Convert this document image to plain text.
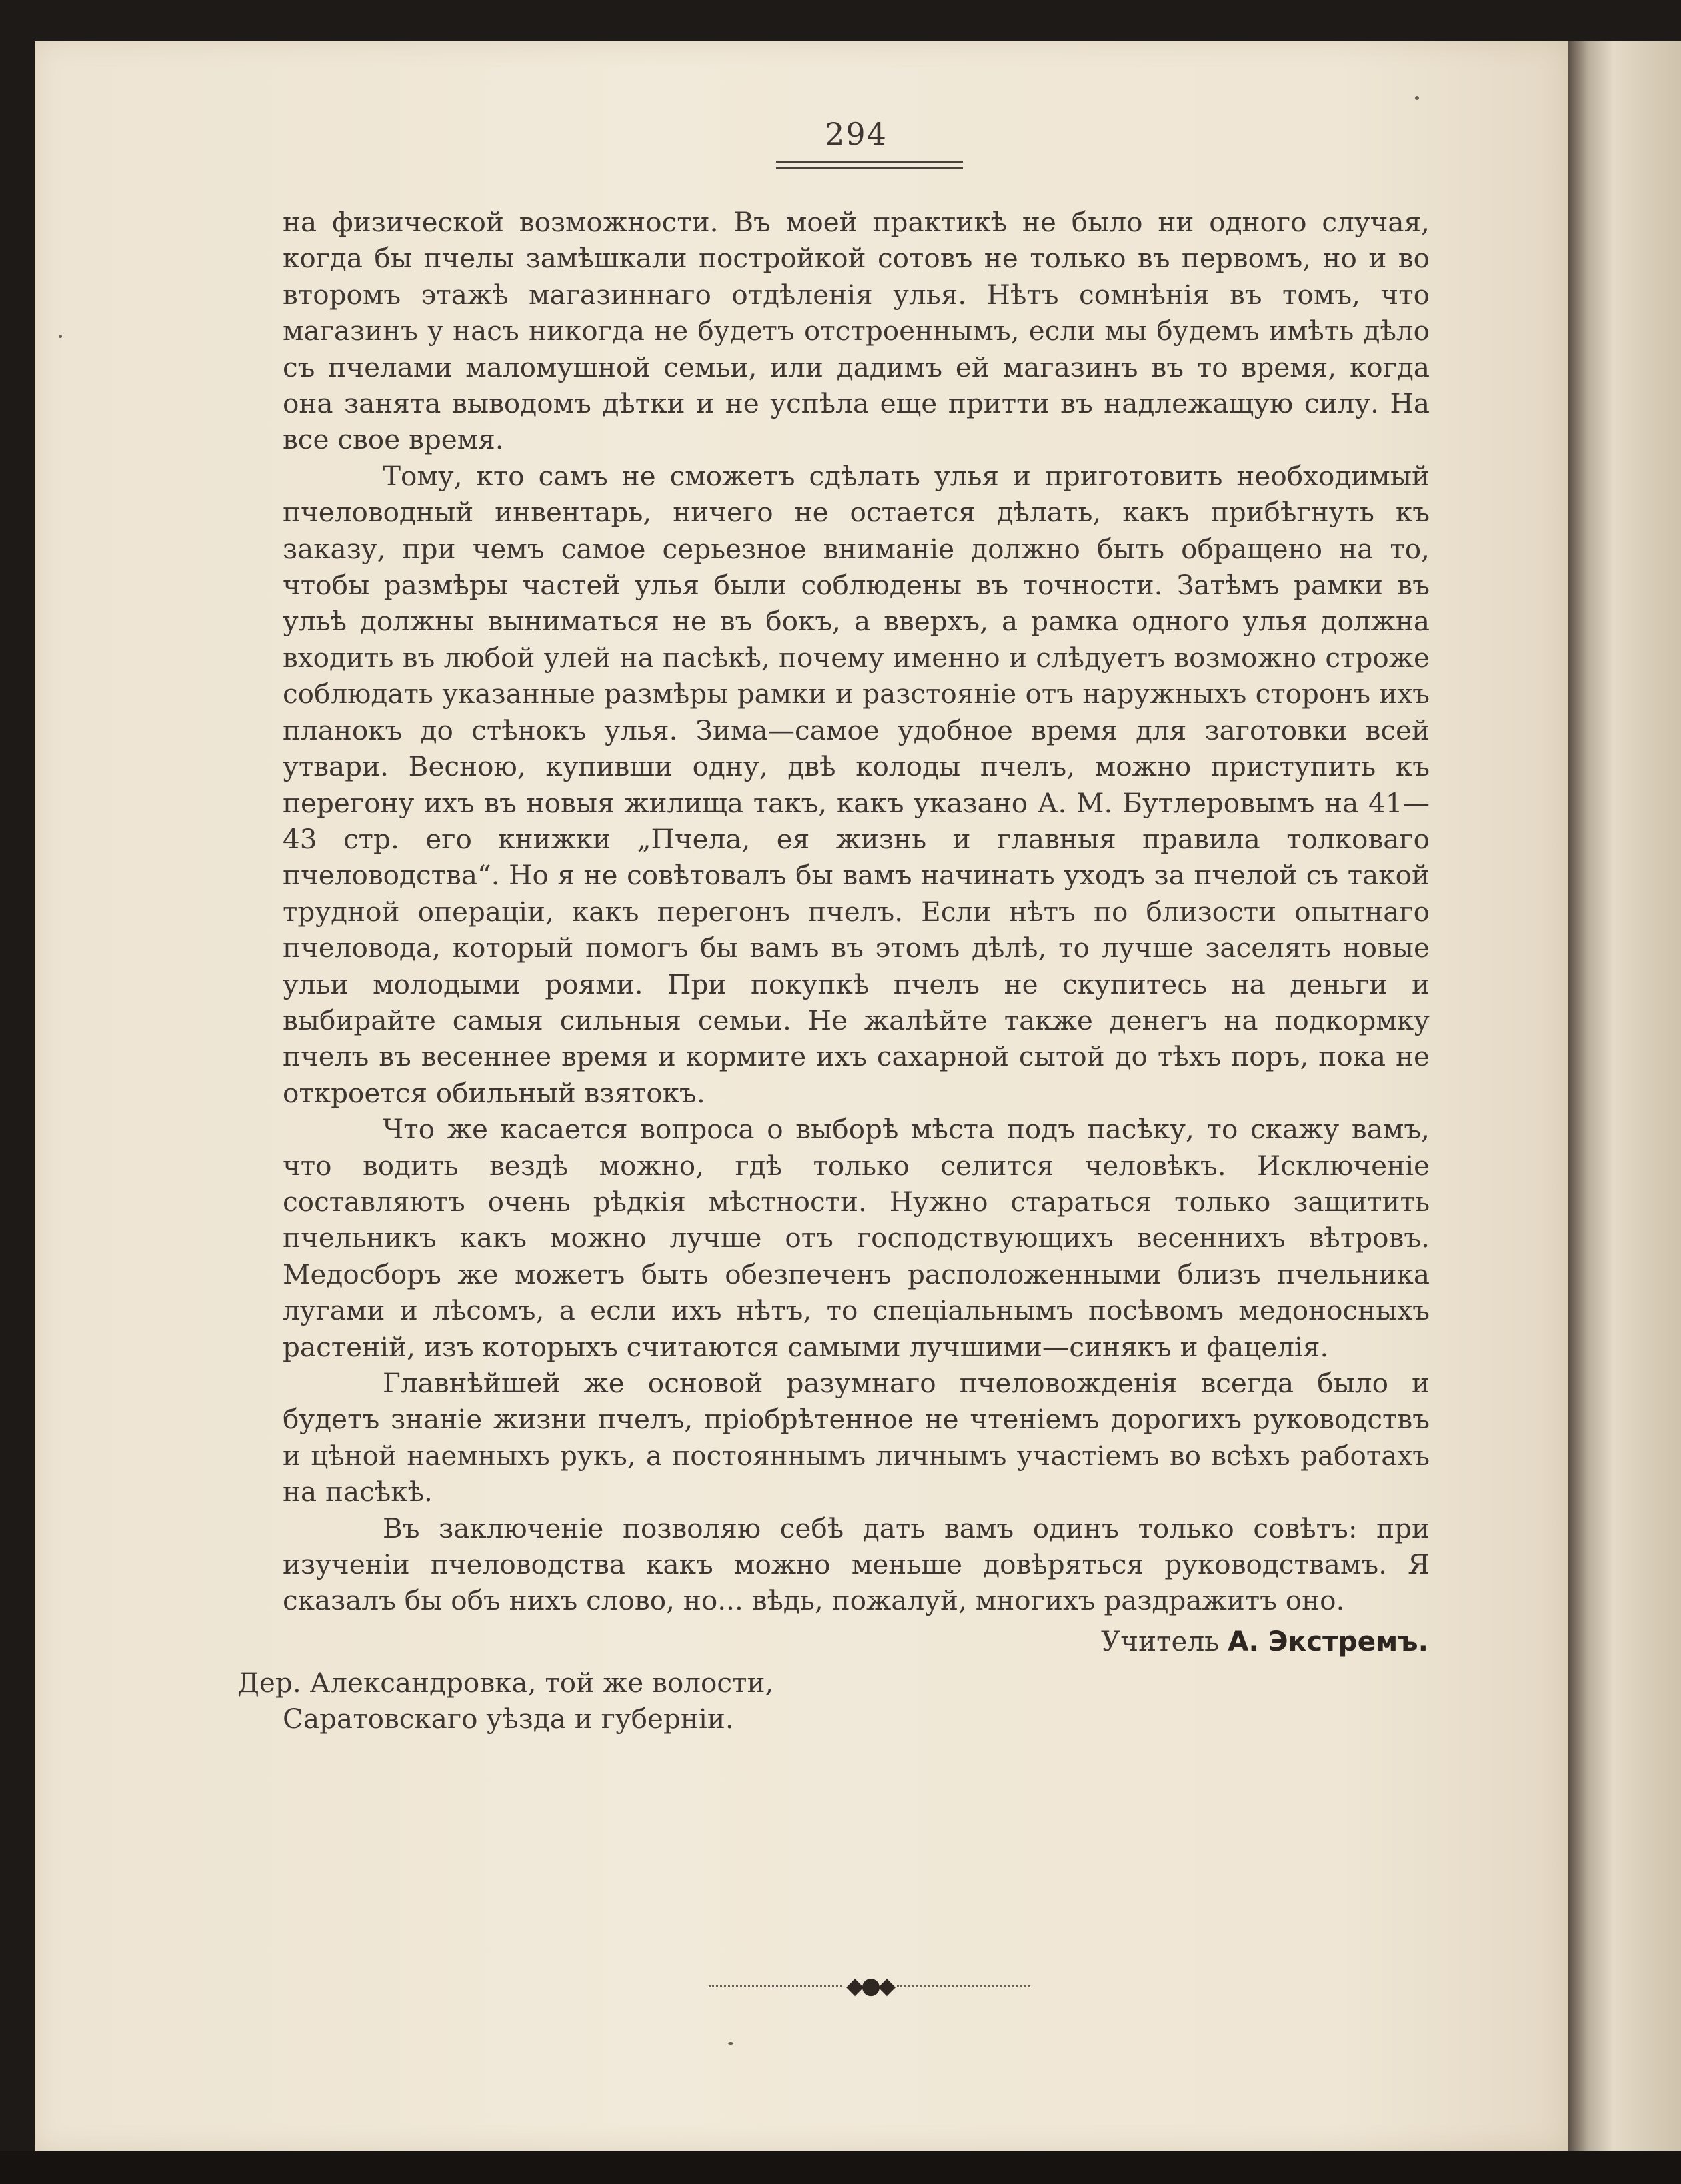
294

на физической возможности. Въ моей практикѣ не было ни одного случая, когда бы пчелы замѣшкали постройкой сотовъ не только въ первомъ, но и во второмъ этажѣ магазиннаго отдѣленія улья. Нѣтъ сомнѣнія въ томъ, что магазинъ у насъ никогда не будетъ отстроеннымъ, если мы будемъ имѣть дѣло съ пчелами маломушной семьи, или дадимъ ей магазинъ въ то время, когда она занята выводомъ дѣтки и не успѣла еще притти въ надлежащую силу. На все свое время.

Тому, кто самъ не сможетъ сдѣлать улья и приготовить необходимый пчеловодный инвентарь, ничего не остается дѣлать, какъ прибѣгнуть къ заказу, при чемъ самое серьезное вниманіе должно быть обращено на то, чтобы размѣры частей улья были соблюдены въ точности. Затѣмъ рамки въ ульѣ должны выниматься не въ бокъ, а вверхъ, а рамка одного улья должна входить въ любой улей на пасѣкѣ, почему именно и слѣдуетъ возможно строже соблюдать указанные размѣры рамки и разстояніе отъ наружныхъ сторонъ ихъ планокъ до стѣнокъ улья. Зима—самое удобное время для заготовки всей утвари. Весною, купивши одну, двѣ колоды пчелъ, можно приступить къ перегону ихъ въ новыя жилища такъ, какъ указано А. М. Бутлеровымъ на 41—43 стр. его книжки „Пчела, ея жизнь и главныя правила толковаго пчеловодства“. Но я не совѣтовалъ бы вамъ начинать уходъ за пчелой съ такой трудной операціи, какъ перегонъ пчелъ. Если нѣтъ по близости опытнаго пчеловода, который помогъ бы вамъ въ этомъ дѣлѣ, то лучше заселять новые ульи молодыми роями. При покупкѣ пчелъ не скупитесь на деньги и выбирайте самыя сильныя семьи. Не жалѣйте также денегъ на подкормку пчелъ въ весеннее время и кормите ихъ сахарной сытой до тѣхъ поръ, пока не откроется обильный взятокъ.

Что же касается вопроса о выборѣ мѣста подъ пасѣку, то скажу вамъ, что водить вездѣ можно, гдѣ только селится человѣкъ. Исключеніе составляютъ очень рѣдкія мѣстности. Нужно стараться только защитить пчельникъ какъ можно лучше отъ господствующихъ весеннихъ вѣтровъ. Медосборъ же можетъ быть обезпеченъ расположенными близъ пчельника лугами и лѣсомъ, а если ихъ нѣтъ, то спеціальнымъ посѣвомъ медоносныхъ растеній, изъ которыхъ считаются самыми лучшими—синякъ и фацелія.

Главнѣйшей же основой разумнаго пчеловожденія всегда было и будетъ знаніе жизни пчелъ, пріобрѣтенное не чтеніемъ дорогихъ руководствъ и цѣной наемныхъ рукъ, а постояннымъ личнымъ участіемъ во всѣхъ работахъ на пасѣкѣ.

Въ заключеніе позволяю себѣ дать вамъ одинъ только совѣтъ: при изученіи пчеловодства какъ можно меньше довѣряться руководствамъ. Я сказалъ бы объ нихъ слово, но... вѣдь, пожалуй, многихъ раздражитъ оно.

Учитель А. Экстремъ.
Дер. Александровка, той же волости,
Саратовскаго уѣзда и губерніи.
◆●◆
